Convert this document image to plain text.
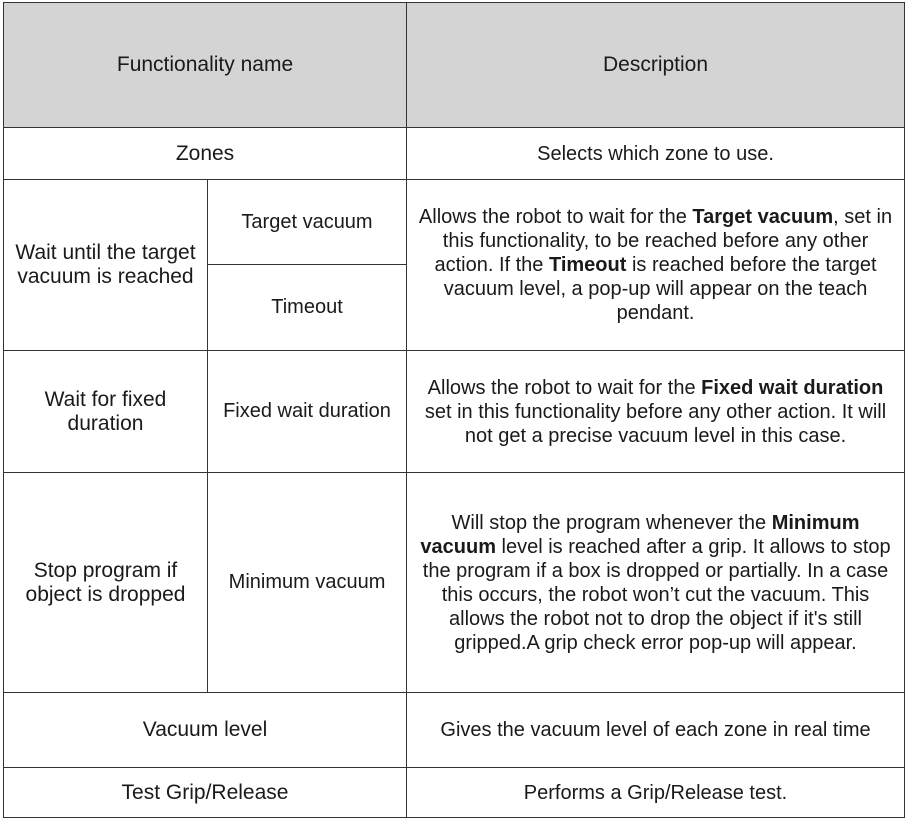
Functionality name		Description
Zones		Selects which zone to use.
Wait until the target vacuum is reached	Target vacuum	Allows the robot to wait for the Target vacuum, set in this functionality, to be reached before any other action. If the Timeout is reached before the target vacuum level, a pop-up will appear on the teach pendant.
	Timeout	
Wait for fixed duration	Fixed wait duration	Allows the robot to wait for the Fixed wait duration set in this functionality before any other action. It will not get a precise vacuum level in this case.
Stop program if object is dropped	Minimum vacuum	Will stop the program whenever the Minimum vacuum level is reached after a grip. It allows to stop the program if a box is dropped or partially. In a case this occurs, the robot won’t cut the vacuum. This allows the robot not to drop the object if it's still gripped.A grip check error pop-up will appear.
Vacuum level		Gives the vacuum level of each zone in real time
Test Grip/Release		Performs a Grip/Release test.
